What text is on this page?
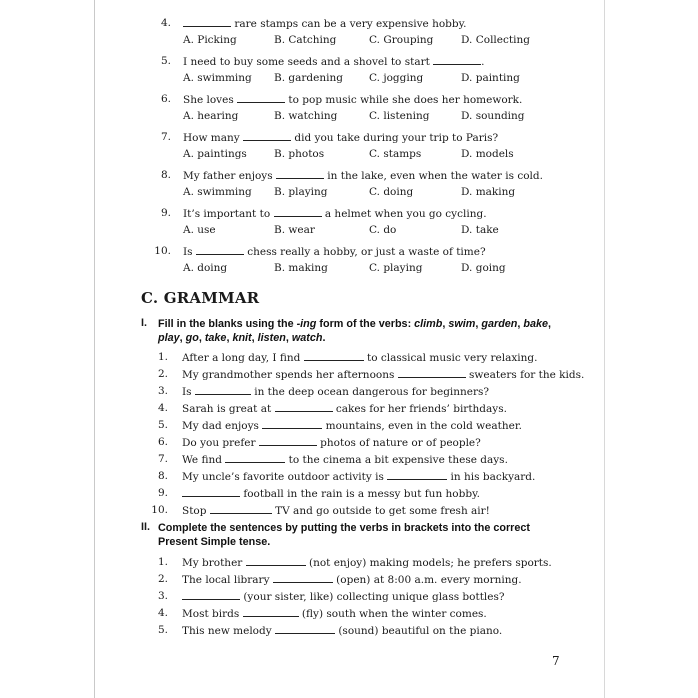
4.	rare stamps can be a very expensive hobby.
A. Picking	B. Catching	C. Grouping	D. Collecting
5. I need to buy some seeds and a shovel to start	.
A. swimming B. gardening C. jogging	D. painting
6. She loves	to pop music while she does her homework.
A. hearing	B. watching	C. listening	D. sounding
7. How many	did you take during your trip to Paris?
A. paintings	B. photos	C. stamps	D. models
8. My father enjoys	in the lake, even when the water is cold.
A. swimming B. playing	C. doing	D. making
9. It’s important to	a helmet when you go cycling.
A. use	B. wear	C. do	D. take
10. Is	chess really a hobby, or just a waste of time?
A. doing	B. making	C. playing	D. going
I. Fill in the blanks using the -ing form of the verbs: climb, swim, garden, bake,
play, go, take, knit, listen, watch.
1. After a long day, I find	to classical music very relaxing.
2. My grandmother spends her afternoons	sweaters for the kids.
3. Is	in the deep ocean dangerous for beginners?
4. Sarah is great at	cakes for her friends’ birthdays.
5. My dad enjoys	mountains, even in the cold weather.
6. Do you prefer	photos of nature or of people?
7. We find	to the cinema a bit expensive these days.
8. My uncle’s favorite outdoor activity is	in his backyard.
9.	football in the rain is a messy but fun hobby.
10. Stop	TV and go outside to get some fresh air!
II. Complete the sentences by putting the verbs in brackets into the correct
Present Simple tense.
1. My brother	(not enjoy) making models; he prefers sports.
2. The local library	(open) at 8:00 a.m. every morning.
3.	(your sister, like) collecting unique glass bottles?
4. Most birds	(fly) south when the winter comes.
5. This new melody	(sound) beautiful on the piano.
C. GRAMMAR
7
